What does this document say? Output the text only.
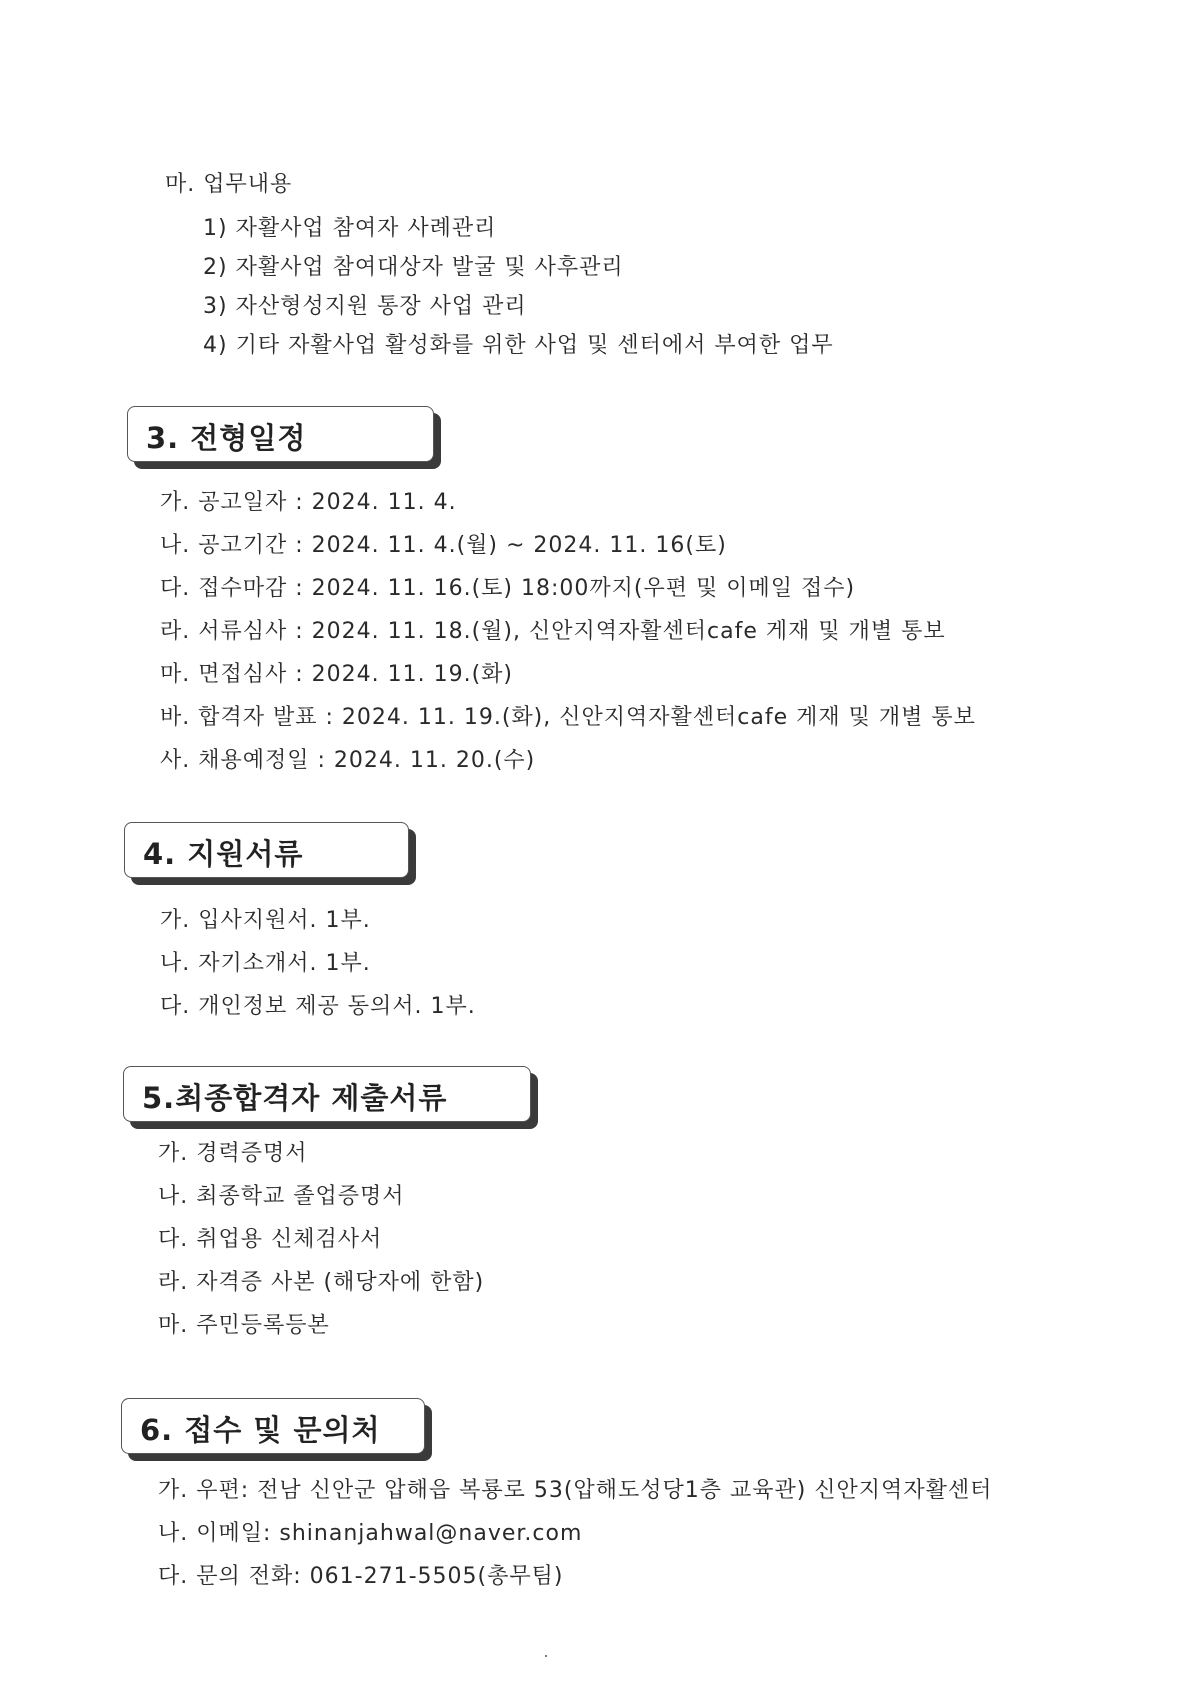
마. 업무내용
1) 자활사업 참여자 사례관리
2) 자활사업 참여대상자 발굴 및 사후관리
3) 자산형성지원 통장 사업 관리
4) 기타 자활사업 활성화를 위한 사업 및 센터에서 부여한 업무
3. 전형일정
가. 공고일자 : 2024. 11. 4.
나. 공고기간 : 2024. 11. 4.(월) ~ 2024. 11. 16(토)
다. 접수마감 : 2024. 11. 16.(토) 18:00까지(우편 및 이메일 접수)
라. 서류심사 : 2024. 11. 18.(월), 신안지역자활센터cafe 게재 및 개별 통보
마. 면접심사 : 2024. 11. 19.(화)
바. 합격자 발표 : 2024. 11. 19.(화), 신안지역자활센터cafe 게재 및 개별 통보
사. 채용예정일 : 2024. 11. 20.(수)
4. 지원서류
가. 입사지원서. 1부.
나. 자기소개서. 1부.
다. 개인정보 제공 동의서. 1부.
5.최종합격자 제출서류
가. 경력증명서
나. 최종학교 졸업증명서
다. 취업용 신체검사서
라. 자격증 사본 (해당자에 한함)
마. 주민등록등본
6. 접수 및 문의처
가. 우편: 전남 신안군 압해읍 복룡로 53(압해도성당1층 교육관) 신안지역자활센터
나. 이메일: shinanjahwal@naver.com
다. 문의 전화: 061-271-5505(총무팀)
